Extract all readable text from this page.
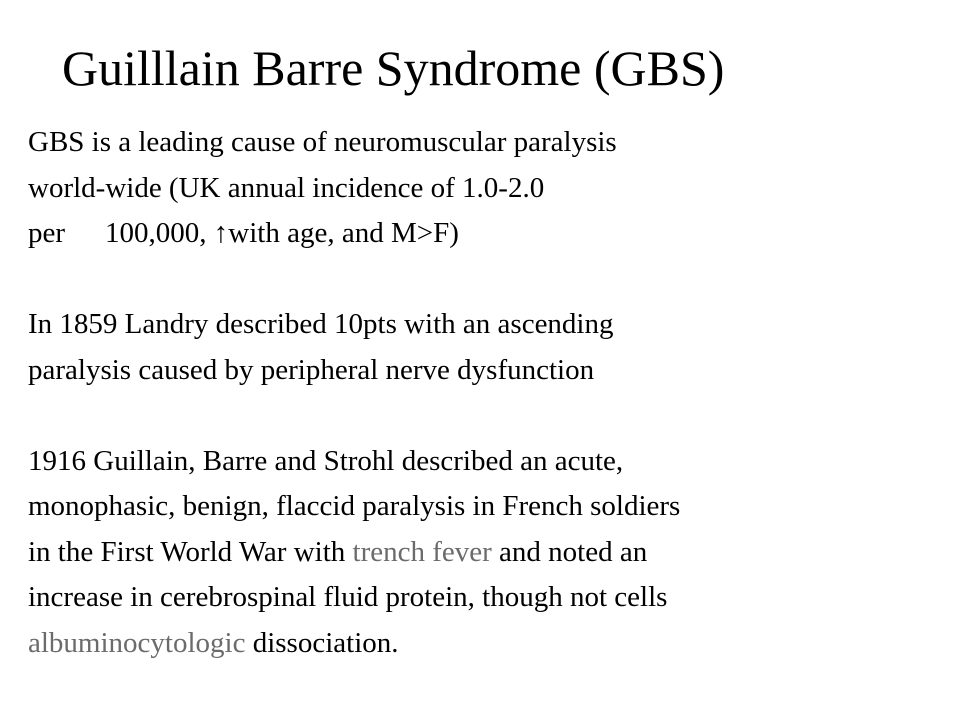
Guilllain Barre Syndrome (GBS)

GBS is a leading cause of neuromuscular paralysis
world-wide (UK annual incidence of 1.0-2.0
per 100,000, ↑with age, and M>F)

In 1859 Landry described 10pts with an ascending
paralysis caused by peripheral nerve dysfunction

1916 Guillain, Barre and Strohl described an acute,
monophasic, benign, flaccid paralysis in French soldiers
in the First World War with trench fever and noted an
increase in cerebrospinal fluid protein, though not cells
albuminocytologic dissociation.
